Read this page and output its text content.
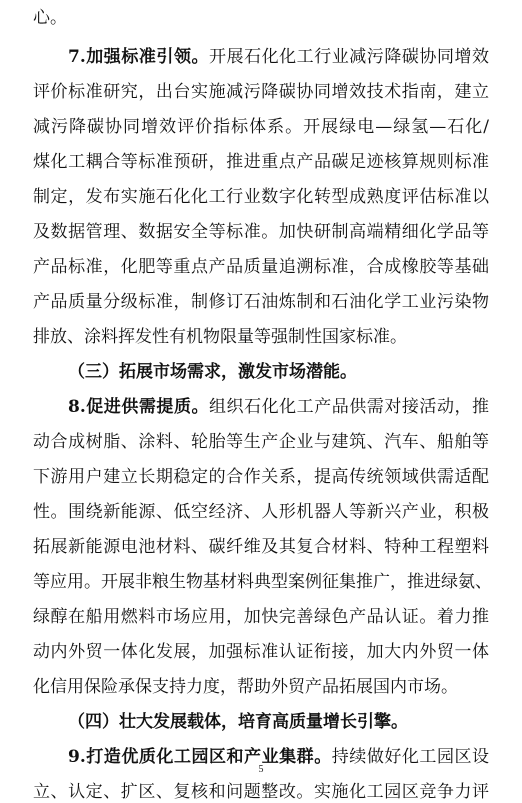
心。
7.加强标准引领。开展石化化工行业减污降碳协同增效
评价标准研究，出台实施减污降碳协同增效技术指南，建立
减污降碳协同增效评价指标体系。开展绿电—绿氢—石化/
煤化工耦合等标准预研，推进重点产品碳足迹核算规则标准
制定，发布实施石化化工行业数字化转型成熟度评估标准以
及数据管理、数据安全等标准。加快研制高端精细化学品等
产品标准，化肥等重点产品质量追溯标准，合成橡胶等基础
产品质量分级标准，制修订石油炼制和石油化学工业污染物
排放、涂料挥发性有机物限量等强制性国家标准。
（三）拓展市场需求，激发市场潜能。
8.促进供需提质。组织石化化工产品供需对接活动，推
动合成树脂、涂料、轮胎等生产企业与建筑、汽车、船舶等
下游用户建立长期稳定的合作关系，提高传统领域供需适配
性。围绕新能源、低空经济、人形机器人等新兴产业，积极
拓展新能源电池材料、碳纤维及其复合材料、特种工程塑料
等应用。开展非粮生物基材料典型案例征集推广，推进绿氨、
绿醇在船用燃料市场应用，加快完善绿色产品认证。着力推
动内外贸一体化发展，加强标准认证衔接，加大内外贸一体
化信用保险承保支持力度，帮助外贸产品拓展国内市场。
（四）壮大发展载体，培育高质量增长引擎。
9.打造优质化工园区和产业集群。持续做好化工园区设
立、认定、扩区、复核和问题整改。实施化工园区竞争力评
5
